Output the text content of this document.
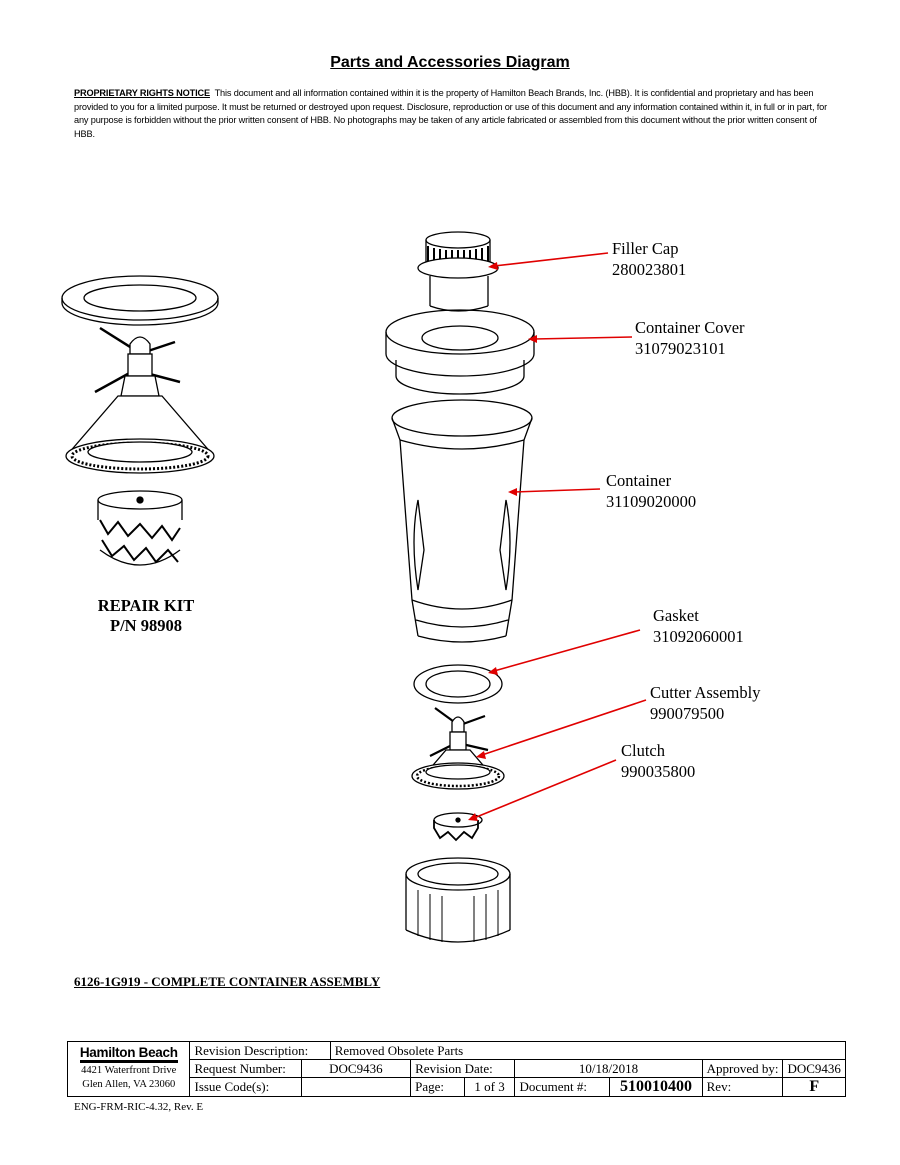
Parts and Accessories Diagram
PROPRIETARY RIGHTS NOTICE This document and all information contained within it is the property of Hamilton Beach Brands, Inc. (HBB). It is confidential and proprietary and has been provided to you for a limited purpose. It must be returned or destroyed upon request. Disclosure, reproduction or use of this document and any information contained within it, in full or in part, for any purpose is forbidden without the prior written consent of HBB. No photographs may be taken of any article fabricated or assembled from this document without the prior written consent of HBB.
Filler Cap
280023801
Container Cover
31079023101
Container
31109020000
Gasket
31092060001
Cutter Assembly
990079500
Clutch
990035800
REPAIR KIT
P/N 98908
6126-1G919 - COMPLETE CONTAINER ASSEMBLY
Hamilton Beach
4421 Waterfront Drive
Glen Allen, VA 23060	Revision Description:		Removed Obsolete Parts						
	Request Number:	DOC9436		Revision Date:		10/18/2018		Approved by:	DOC9436
	Issue Code(s):			Page:	1 of 3	Document #:	510010400	Rev:	F
ENG-FRM-RIC-4.32, Rev. E
